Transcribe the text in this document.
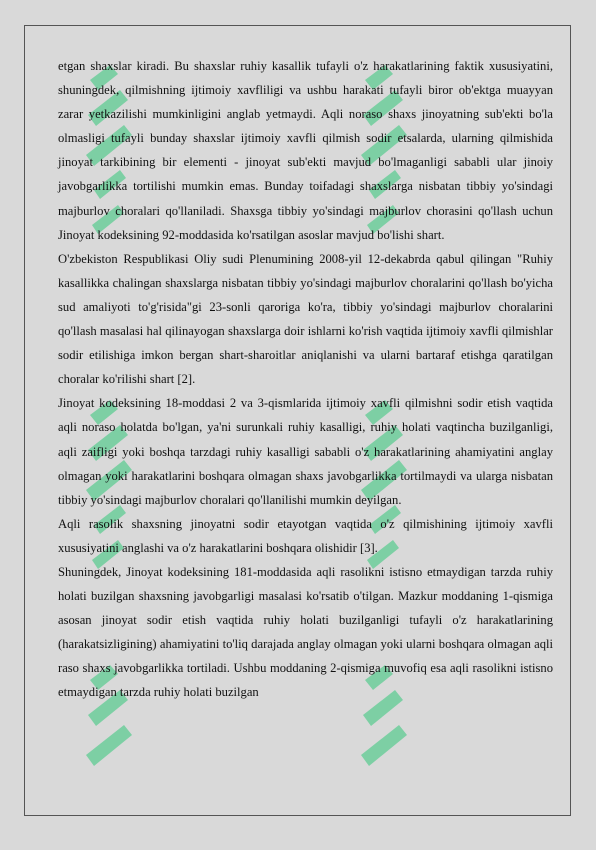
etgan shaxslar kiradi. Bu shaxslar ruhiy kasallik tufayli o'z harakatlarining faktik xususiyatini, shuningdek, qilmishning ijtimoiy xavfliligi va ushbu harakati tufayli biror ob'ektga muayyan zarar yetkazilishi mumkinligini anglab yetmaydi. Aqli noraso shaxs jinoyatning sub'ekti bo'la olmasligi tufayli bunday shaxslar ijtimoiy xavfli qilmish sodir etsalarda, ularning qilmishida jinoyat tarkibining bir elementi - jinoyat sub'ekti mavjud bo'lmaganligi sababli ular jinoiy javobgarlikka tortilishi mumkin emas. Bunday toifadagi shaxslarga nisbatan tibbiy yo'sindagi majburlov choralari qo'llaniladi. Shaxsga tibbiy yo'sindagi majburlov chorasini qo'llash uchun Jinoyat kodeksining 92-moddasida ko'rsatilgan asoslar mavjud bo'lishi shart.

O'zbekiston Respublikasi Oliy sudi Plenumining 2008-yil 12-dekabrda qabul qilingan "Ruhiy kasallikka chalingan shaxslarga nisbatan tibbiy yo'sindagi majburlov choralarini qo'llash bo'yicha sud amaliyoti to'g'risida"gi 23-sonli qaroriga ko'ra, tibbiy yo'sindagi majburlov choralarini qo'llash masalasi hal qilinayogan shaxslarga doir ishlarni ko'rish vaqtida ijtimoiy xavfli qilmishlar sodir etilishiga imkon bergan shart-sharoitlar aniqlanishi va ularni bartaraf etishga qaratilgan choralar ko'rilishi shart [2].

Jinoyat kodeksining 18-moddasi 2 va 3-qismlarida ijtimoiy xavfli qilmishni sodir etish vaqtida aqli noraso holatda bo'lgan, ya'ni surunkali ruhiy kasalligi, ruhiy holati vaqtincha buzilganligi, aqli zaifligi yoki boshqa tarzdagi ruhiy kasalligi sababli o'z harakatlarining ahamiyatini anglay olmagan yoki harakatlarini boshqara olmagan shaxs javobgarlikka tortilmaydi va ularga nisbatan tibbiy yo'sindagi majburlov choralari qo'llanilishi mumkin deyilgan.

Aqli rasolik shaxsning jinoyatni sodir etayotgan vaqtida o'z qilmishining ijtimoiy xavfli xususiyatini anglashi va o'z harakatlarini boshqara olishidir [3].

Shuningdek, Jinoyat kodeksining 181-moddasida aqli rasolikni istisno etmaydigan tarzda ruhiy holati buzilgan shaxsning javobgarligi masalasi ko'rsatib o'tilgan. Mazkur moddaning 1-qismiga asosan jinoyat sodir etish vaqtida ruhiy holati buzilganligi tufayli o'z harakatlarining (harakatsizligining) ahamiyatini to'liq darajada anglay olmagan yoki ularni boshqara olmagan aqli raso shaxs javobgarlikka tortiladi. Ushbu moddaning 2-qismiga muvofiq esa aqli rasolikni istisno etmaydigan tarzda ruhiy holati buzilgan
